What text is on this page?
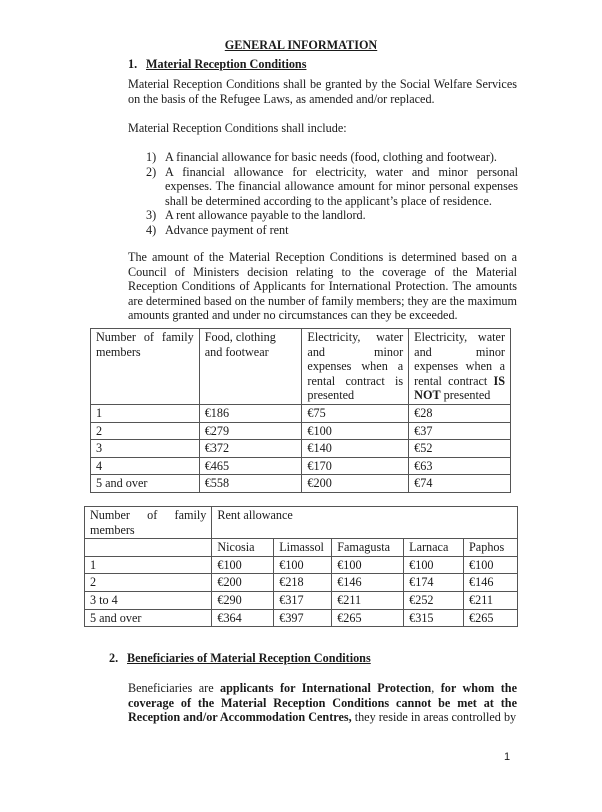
GENERAL INFORMATION
1. Material Reception Conditions
Material Reception Conditions shall be granted by the Social Welfare Services on the basis of the Refugee Laws, as amended and/or replaced.
Material Reception Conditions shall include:
1) A financial allowance for basic needs (food, clothing and footwear).
2) A financial allowance for electricity, water and minor personal expenses. The financial allowance amount for minor personal expenses shall be determined according to the applicant’s place of residence.
3) A rent allowance payable to the landlord.
4) Advance payment of rent
The amount of the Material Reception Conditions is determined based on a Council of Ministers decision relating to the coverage of the Material Reception Conditions of Applicants for International Protection. The amounts are determined based on the number of family members; they are the maximum amounts granted and under no circumstances can they be exceeded.
Number of family members	Food, clothing and footwear	Electricity, water and minor expenses when a rental contract is presented	Electricity, water and minor expenses when a rental contract IS NOT presented
1	€186	€75	€28
2	€279	€100	€37
3	€372	€140	€52
4	€465	€170	€63
5 and over	€558	€200	€74
Number of family members	Rent allowance				
	Nicosia	Limassol	Famagusta	Larnaca	Paphos
1	€100	€100	€100	€100	€100
2	€200	€218	€146	€174	€146
3 to 4	€290	€317	€211	€252	€211
5 and over	€364	€397	€265	€315	€265
2. Beneficiaries of Material Reception Conditions
Beneficiaries are applicants for International Protection, for whom the coverage of the Material Reception Conditions cannot be met at the Reception and/or Accommodation Centres, they reside in areas controlled by
1
